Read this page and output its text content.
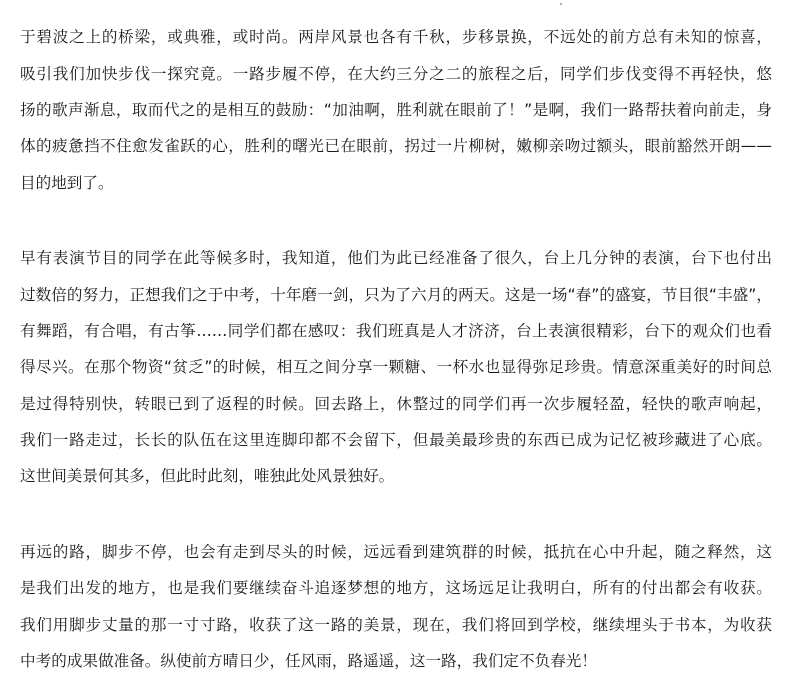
于碧波之上的桥梁，或典雅，或时尚。两岸风景也各有千秋，步移景换，不远处的前方总有未知的惊喜，
吸引我们加快步伐一探究竟。一路步履不停，在大约三分之二的旅程之后，同学们步伐变得不再轻快，悠
扬的歌声渐息，取而代之的是相互的鼓励：“加油啊，胜利就在眼前了！”是啊，我们一路帮扶着向前走，身
体的疲惫挡不住愈发雀跃的心，胜利的曙光已在眼前，拐过一片柳树，嫩柳亲吻过额头，眼前豁然开朗——
目的地到了。
早有表演节目的同学在此等候多时，我知道，他们为此已经准备了很久，台上几分钟的表演，台下也付出
过数倍的努力，正想我们之于中考，十年磨一剑，只为了六月的两天。这是一场“春”的盛宴，节目很“丰盛”，
有舞蹈，有合唱，有古筝……同学们都在感叹：我们班真是人才济济，台上表演很精彩，台下的观众们也看
得尽兴。在那个物资“贫乏”的时候，相互之间分享一颗糖、一杯水也显得弥足珍贵。情意深重美好的时间总
是过得特别快，转眼已到了返程的时候。回去路上，休整过的同学们再一次步履轻盈，轻快的歌声响起，
我们一路走过，长长的队伍在这里连脚印都不会留下，但最美最珍贵的东西已成为记忆被珍藏进了心底。
这世间美景何其多，但此时此刻，唯独此处风景独好。
再远的路，脚步不停，也会有走到尽头的时候，远远看到建筑群的时候，抵抗在心中升起，随之释然，这
是我们出发的地方，也是我们要继续奋斗追逐梦想的地方，这场远足让我明白，所有的付出都会有收获。
我们用脚步丈量的那一寸寸路，收获了这一路的美景，现在，我们将回到学校，继续埋头于书本，为收获
中考的成果做准备。纵使前方晴日少，任风雨，路遥遥，这一路，我们定不负春光！
